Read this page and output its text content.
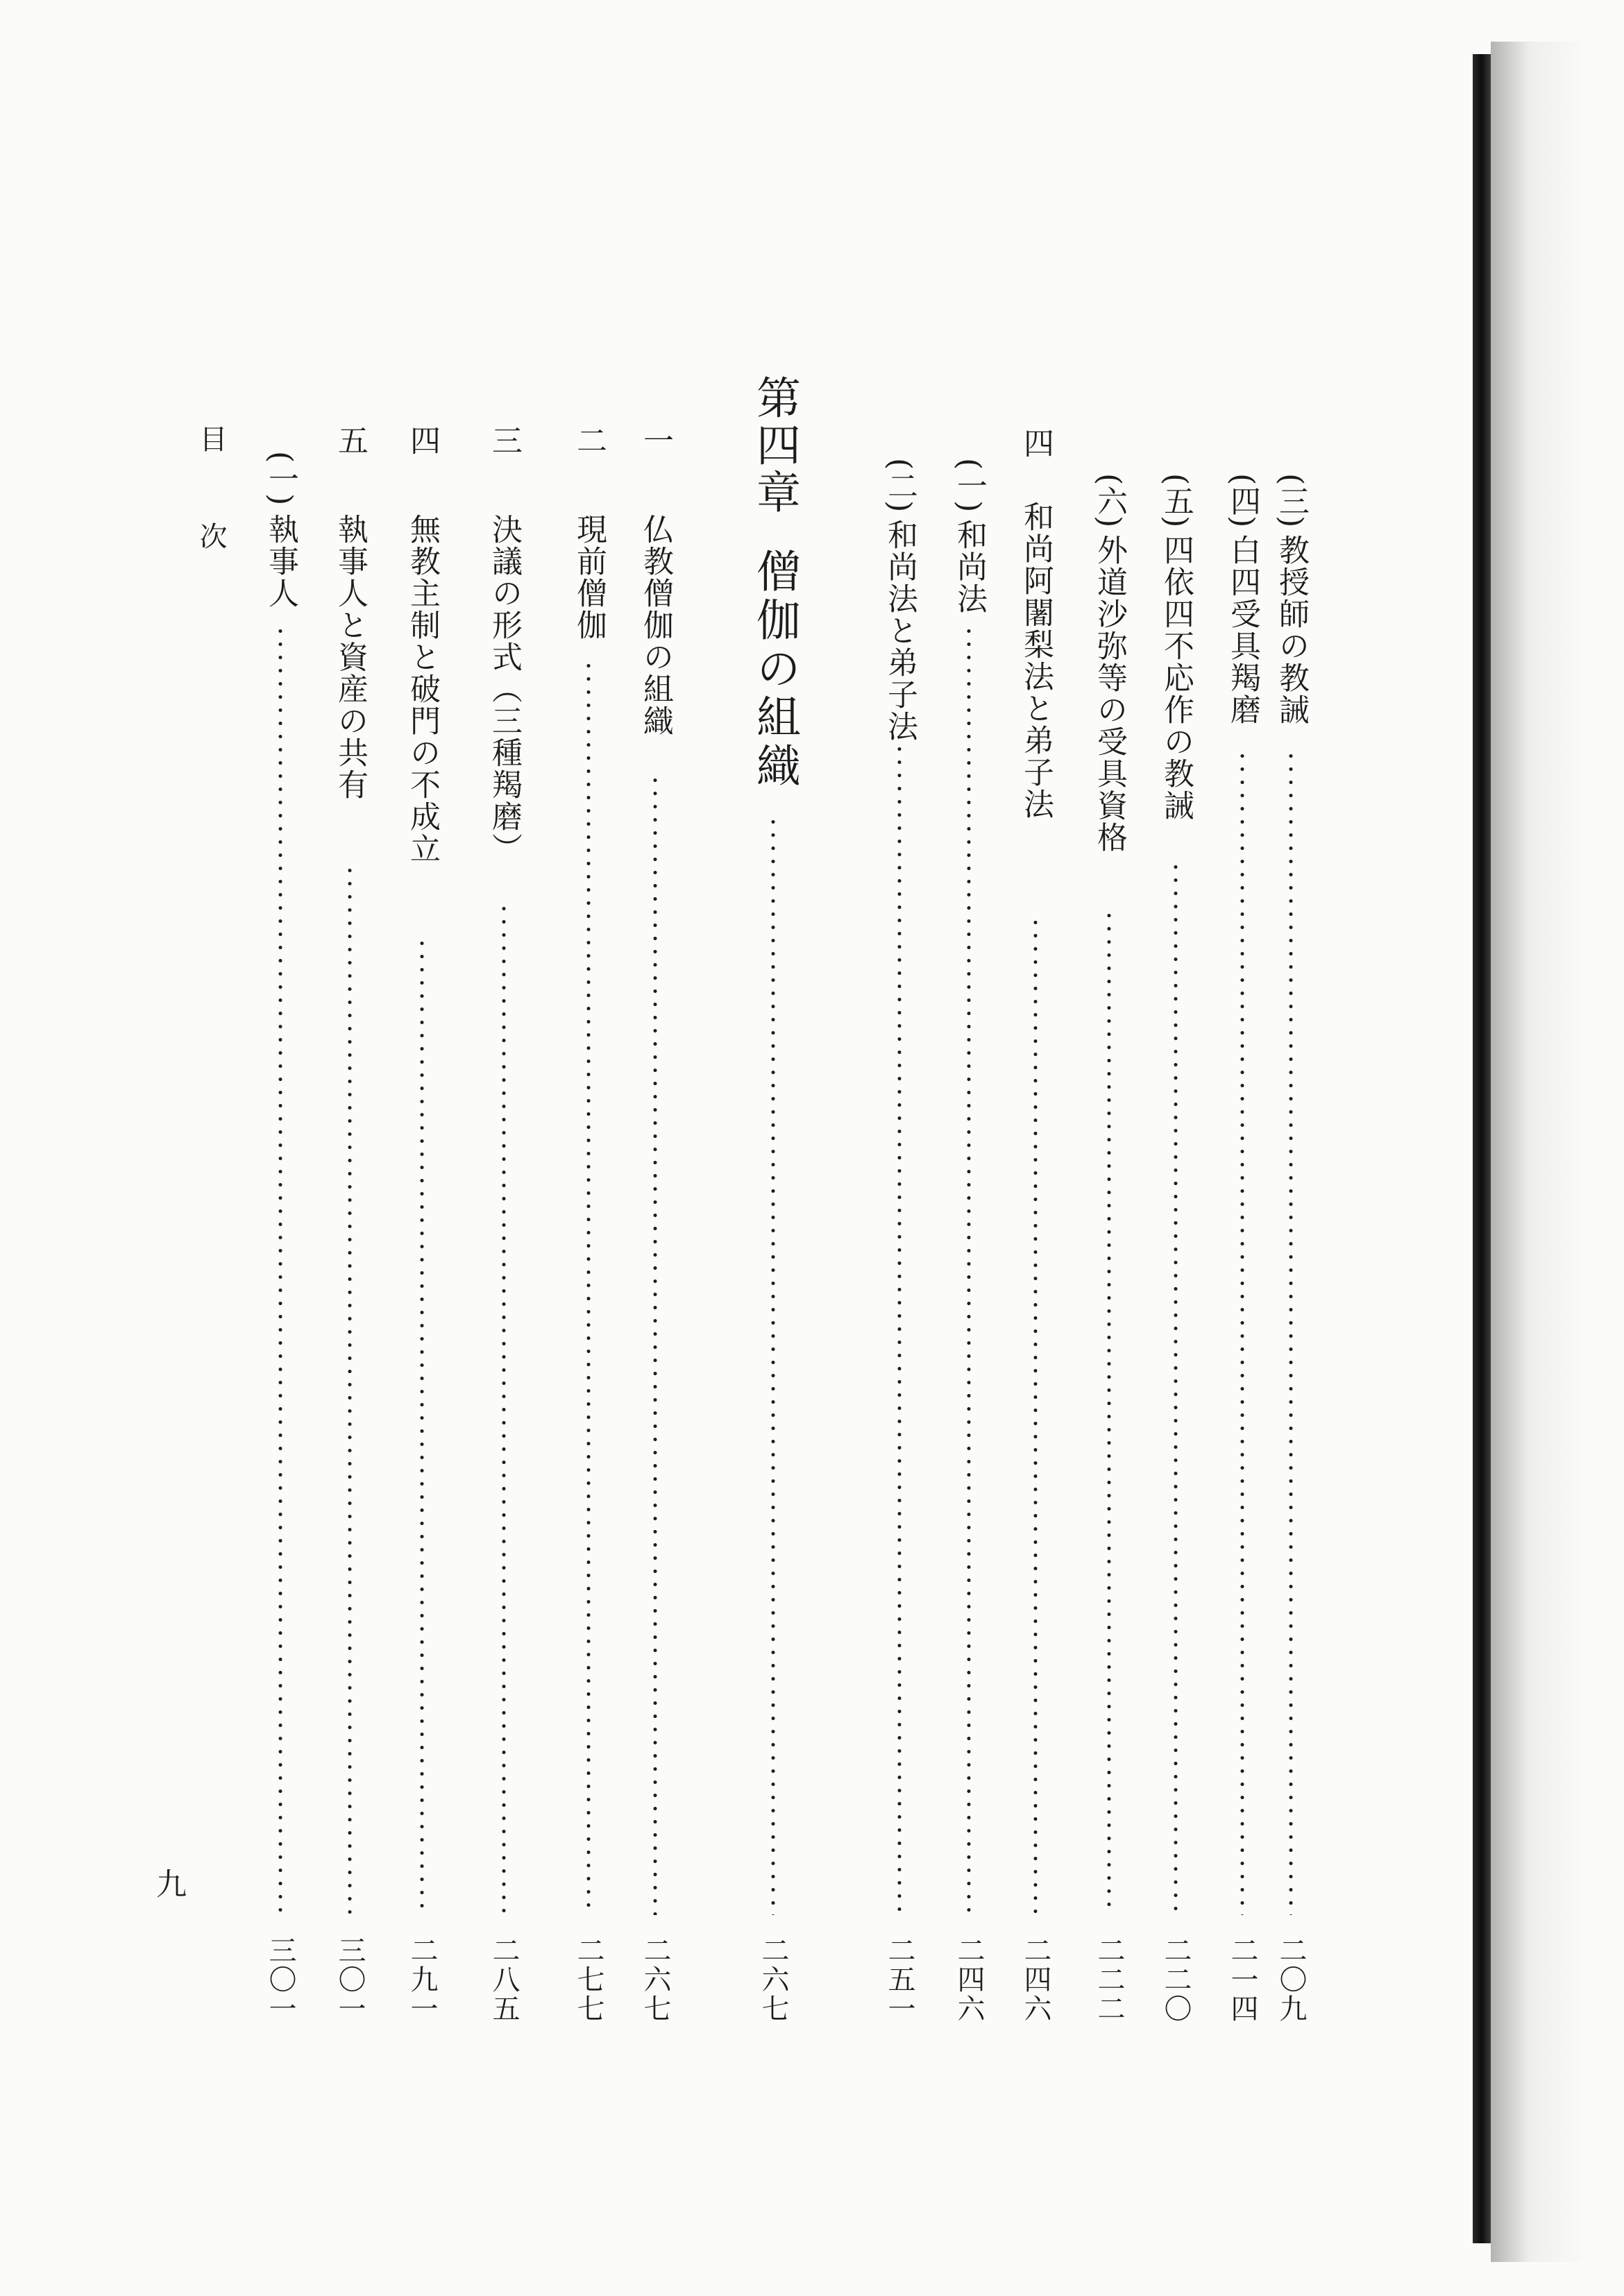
(三)
教授師の教誡
二〇九
(四)
白四受具羯磨
二一四
(五)
四依四不応作の教誡
二二〇
(六)
外道沙弥等の受具資格
二二二
四
和尚阿闍梨法と弟子法
二四六
(一)
和尚法
二四六
(二)
和尚法と弟子法
二五一
第四章
僧伽の組織
二六七
一
仏教僧伽の組織
二六七
二
現前僧伽
二七七
三
決議の形式（三種羯磨）
二八五
四
無教主制と破門の不成立
二九一
五
執事人と資産の共有
三〇一
(一)
執事人
三〇一
目　次
九
